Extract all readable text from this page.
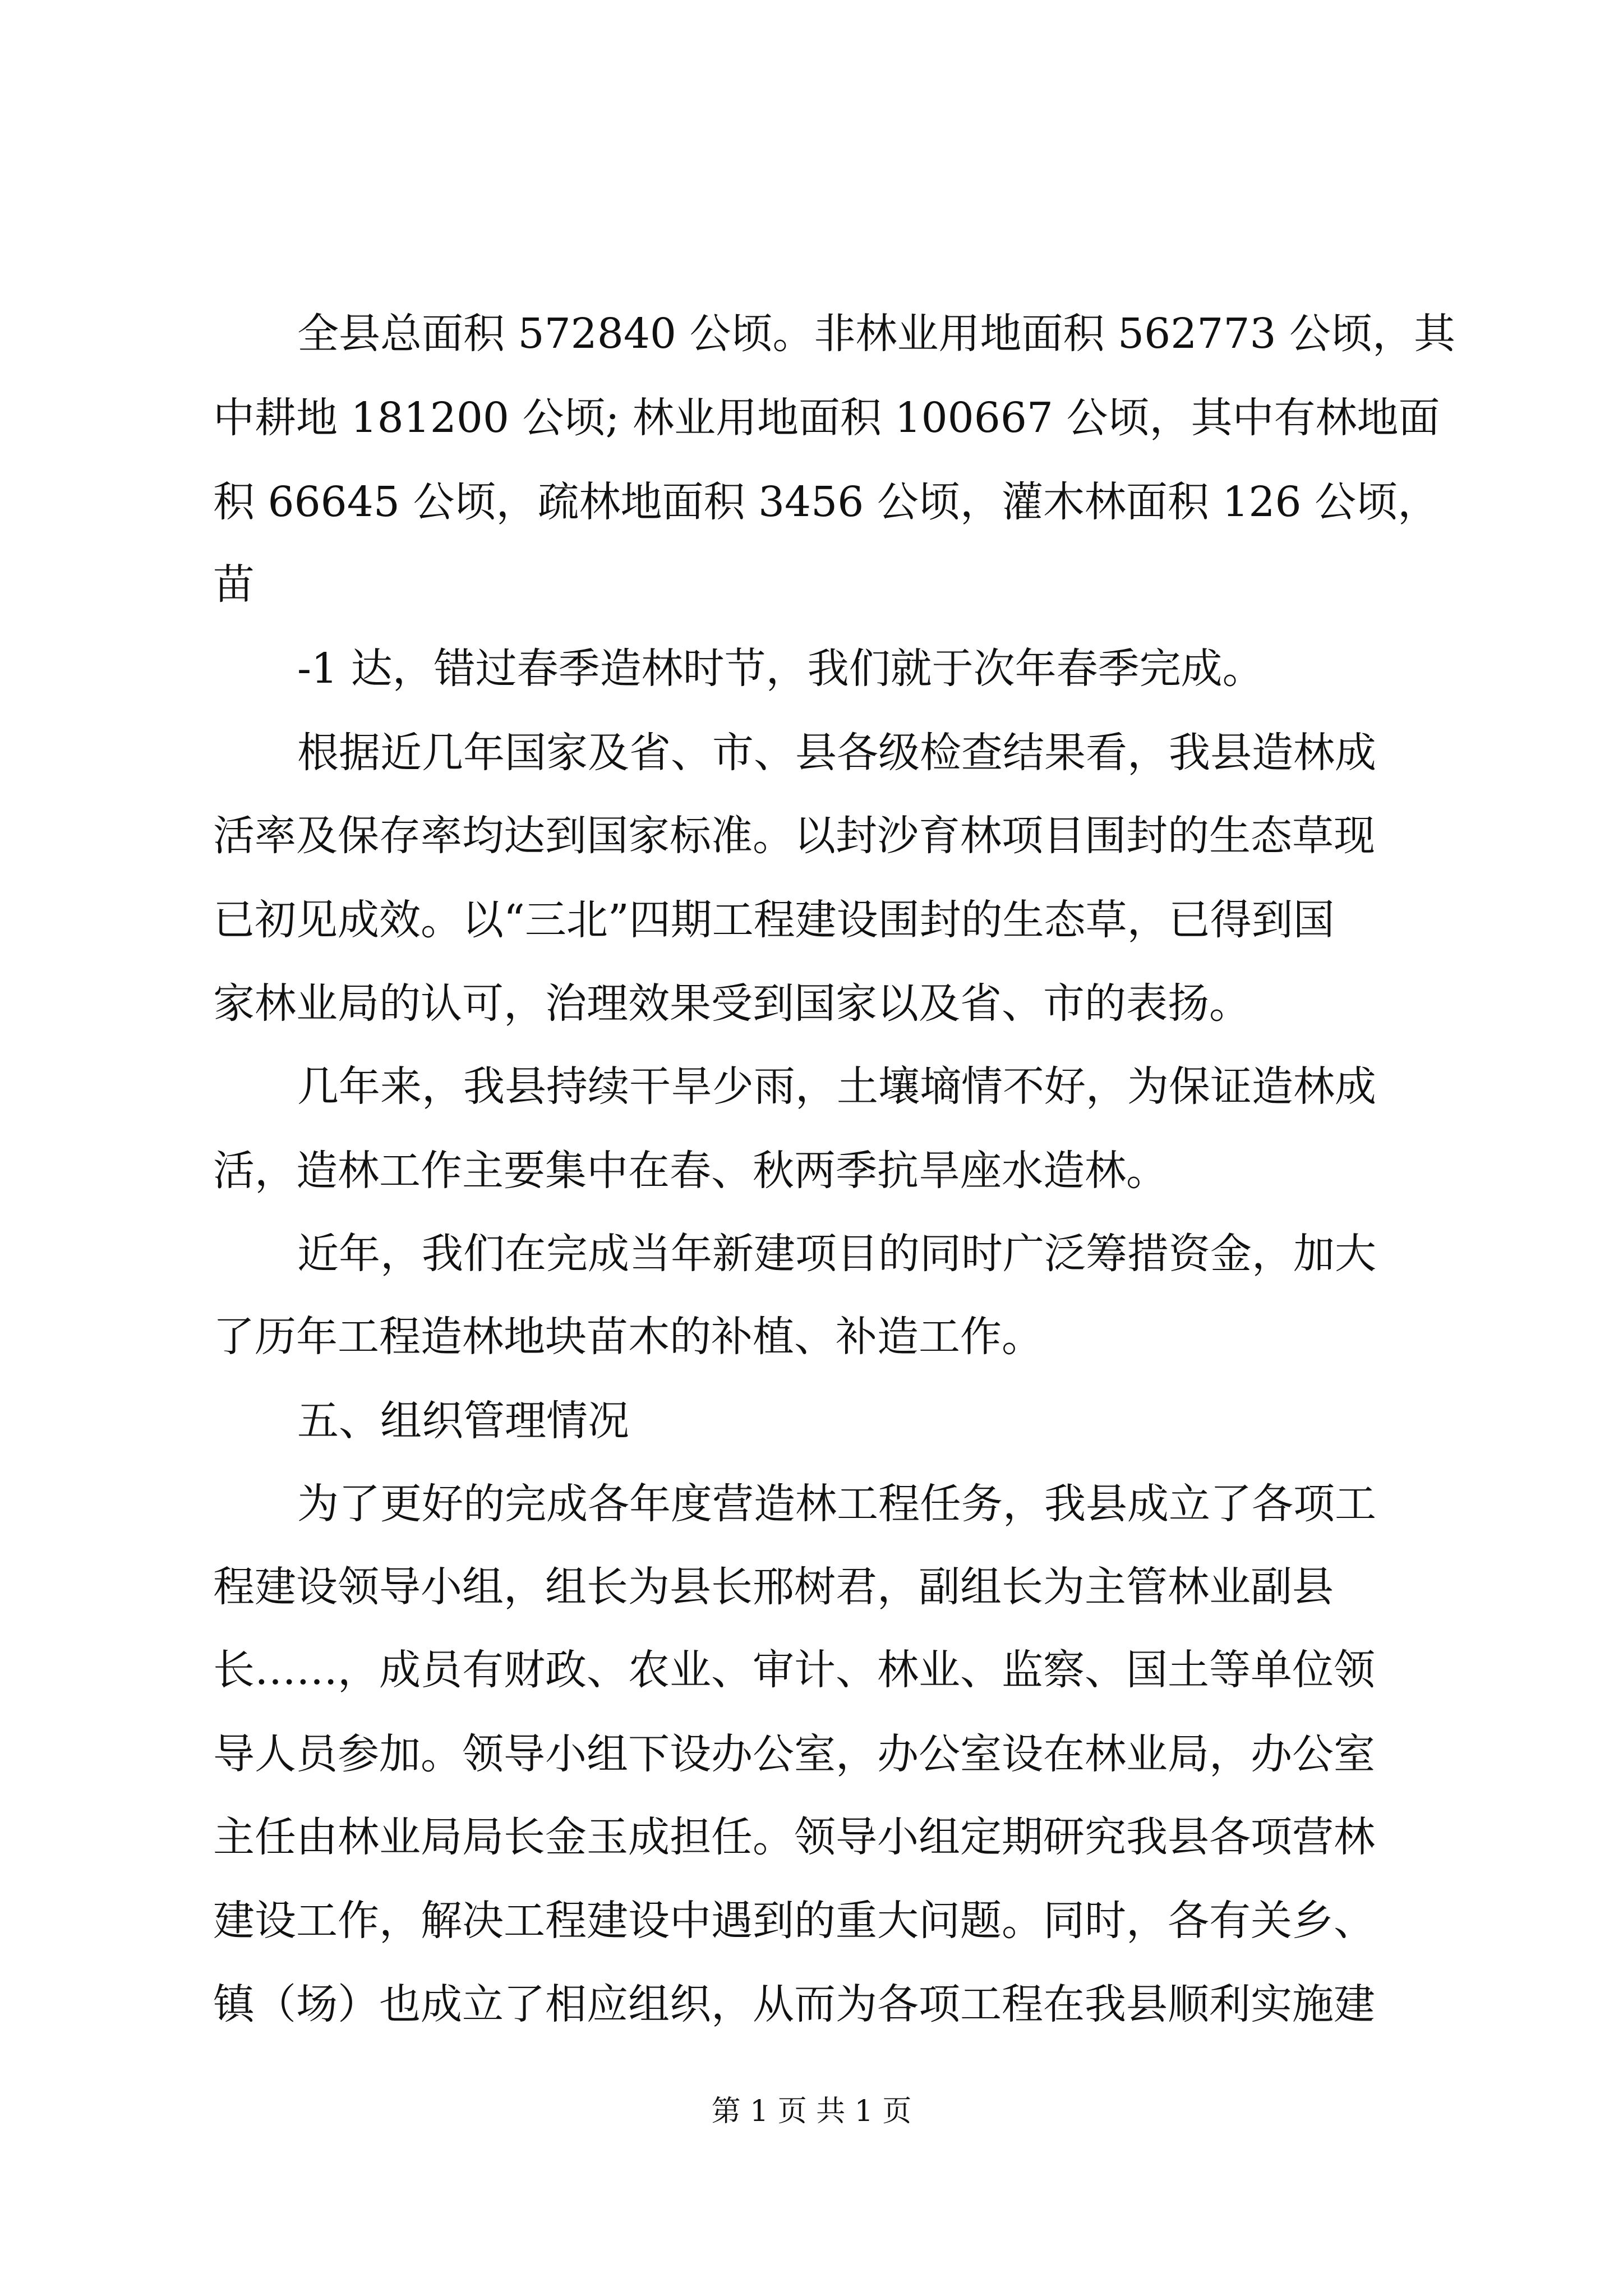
全县总面积 572840 公顷。非林业用地面积 562773 公顷，其
中耕地 181200 公顷; 林业用地面积 100667 公顷，其中有林地面
积 66645 公顷，疏林地面积 3456 公顷，灌木林面积 126 公顷，
苗
-1 达，错过春季造林时节，我们就于次年春季完成。
根据近几年国家及省、市、县各级检查结果看，我县造林成
活率及保存率均达到国家标准。以封沙育林项目围封的生态草现
已初见成效。以“三北”四期工程建设围封的生态草，已得到国
家林业局的认可，治理效果受到国家以及省、市的表扬。
几年来，我县持续干旱少雨，土壤墒情不好，为保证造林成
活，造林工作主要集中在春、秋两季抗旱座水造林。
近年，我们在完成当年新建项目的同时广泛筹措资金，加大
了历年工程造林地块苗木的补植、补造工作。
五、组织管理情况
为了更好的完成各年度营造林工程任务，我县成立了各项工
程建设领导小组，组长为县长邢树君，副组长为主管林业副县
长……，成员有财政、农业、审计、林业、监察、国土等单位领
导人员参加。领导小组下设办公室，办公室设在林业局，办公室
主任由林业局局长金玉成担任。领导小组定期研究我县各项营林
建设工作，解决工程建设中遇到的重大问题。同时，各有关乡、
镇（场）也成立了相应组织，从而为各项工程在我县顺利实施建
第 1 页 共 1 页
